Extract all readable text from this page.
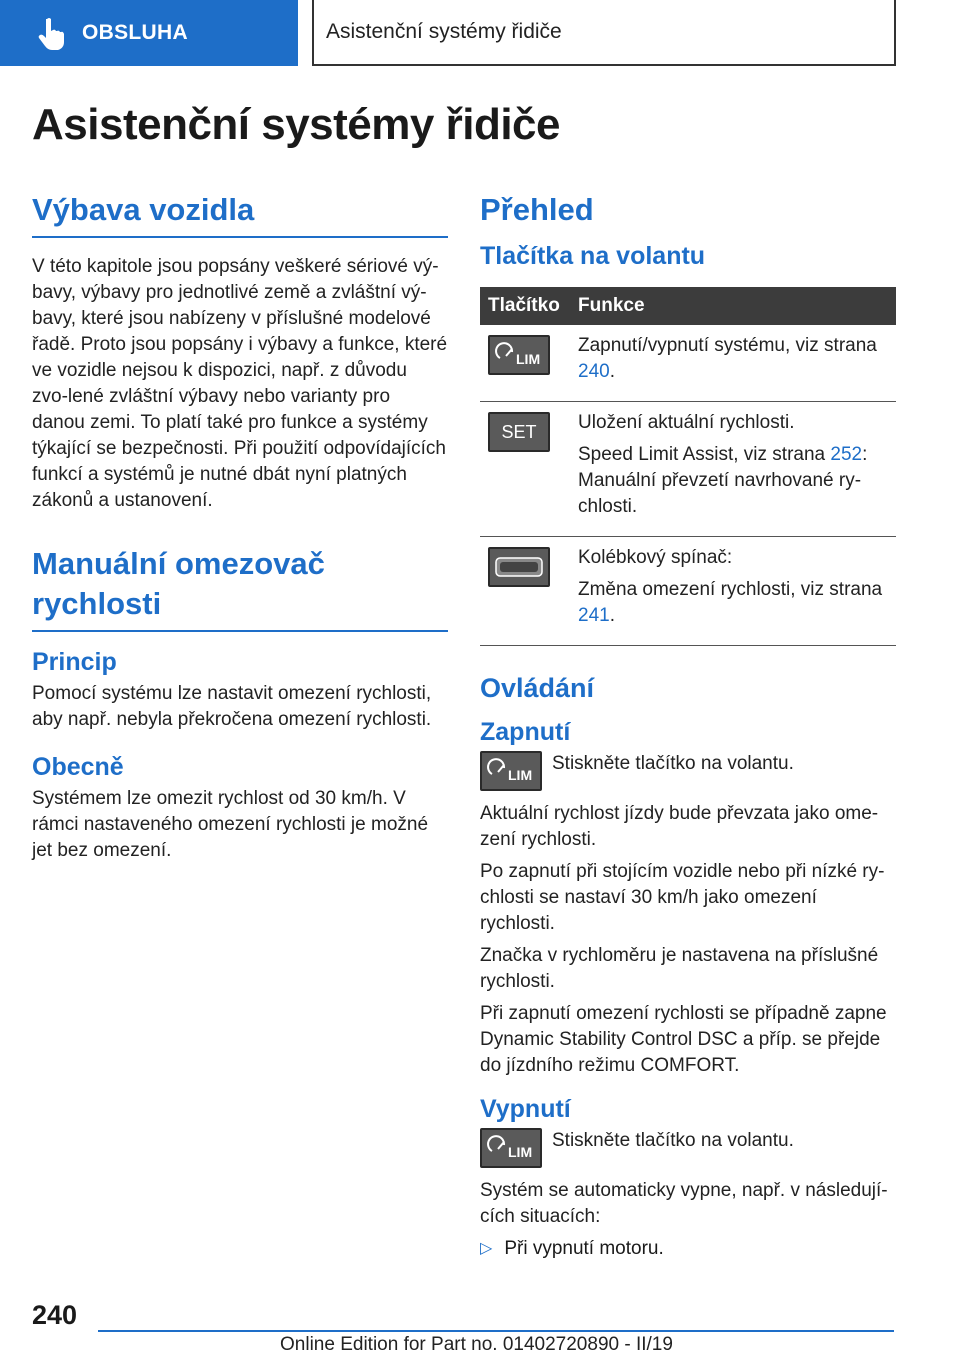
OBSLUHA	Asistenční systémy řidiče
Asistenční systémy řidiče
Výbava vozidla

V této kapitole jsou popsány veškeré sériové vý-bavy, výbavy pro jednotlivé země a zvláštní vý-bavy, které jsou nabízeny v příslušné modelové řadě. Proto jsou popsány i výbavy a funkce, které ve vozidle nejsou k dispozici, např. z důvodu zvo-lené zvláštní výbavy nebo varianty pro danou zemi. To platí také pro funkce a systémy týkající se bezpečnosti. Při použití odpovídajících funkcí a systémů je nutné dbát nyní platných zákonů a ustanovení.

Manuální omezovač rychlosti
Princip

Pomocí systému lze nastavit omezení rychlosti, aby např. nebyla překročena omezení rychlosti.

Obecně

Systémem lze omezit rychlost od 30 km/h. V rámci nastaveného omezení rychlosti je možné jet bez omezení.

Přehled
Tlačítka na volantu
Tlačítko	Funkce

LIM	Zapnutí/vypnutí systému, viz strana 240.

SET	Uložení aktuální rychlosti.

Speed Limit Assist, viz strana 252: Manuální převzetí navrhované ry-chlosti.

Kolébkový spínač:

Změna omezení rychlosti, viz strana 241.

Ovládání
Zapnutí
LIM

Stiskněte tlačítko na volantu.

Aktuální rychlost jízdy bude převzata jako ome-zení rychlosti.

Po zapnutí při stojícím vozidle nebo při nízké ry-chlosti se nastaví 30 km/h jako omezení rychlosti.

Značka v rychloměru je nastavena na příslušné rychlosti.

Při zapnutí omezení rychlosti se případně zapne Dynamic Stability Control DSC a příp. se přejde do jízdního režimu COMFORT.

Vypnutí
LIM

Stiskněte tlačítko na volantu.

Systém se automaticky vypne, např. v následují-cích situacích:

▷ Při vypnutí motoru.
240
Online Edition for Part no. 01402720890 - II/19
